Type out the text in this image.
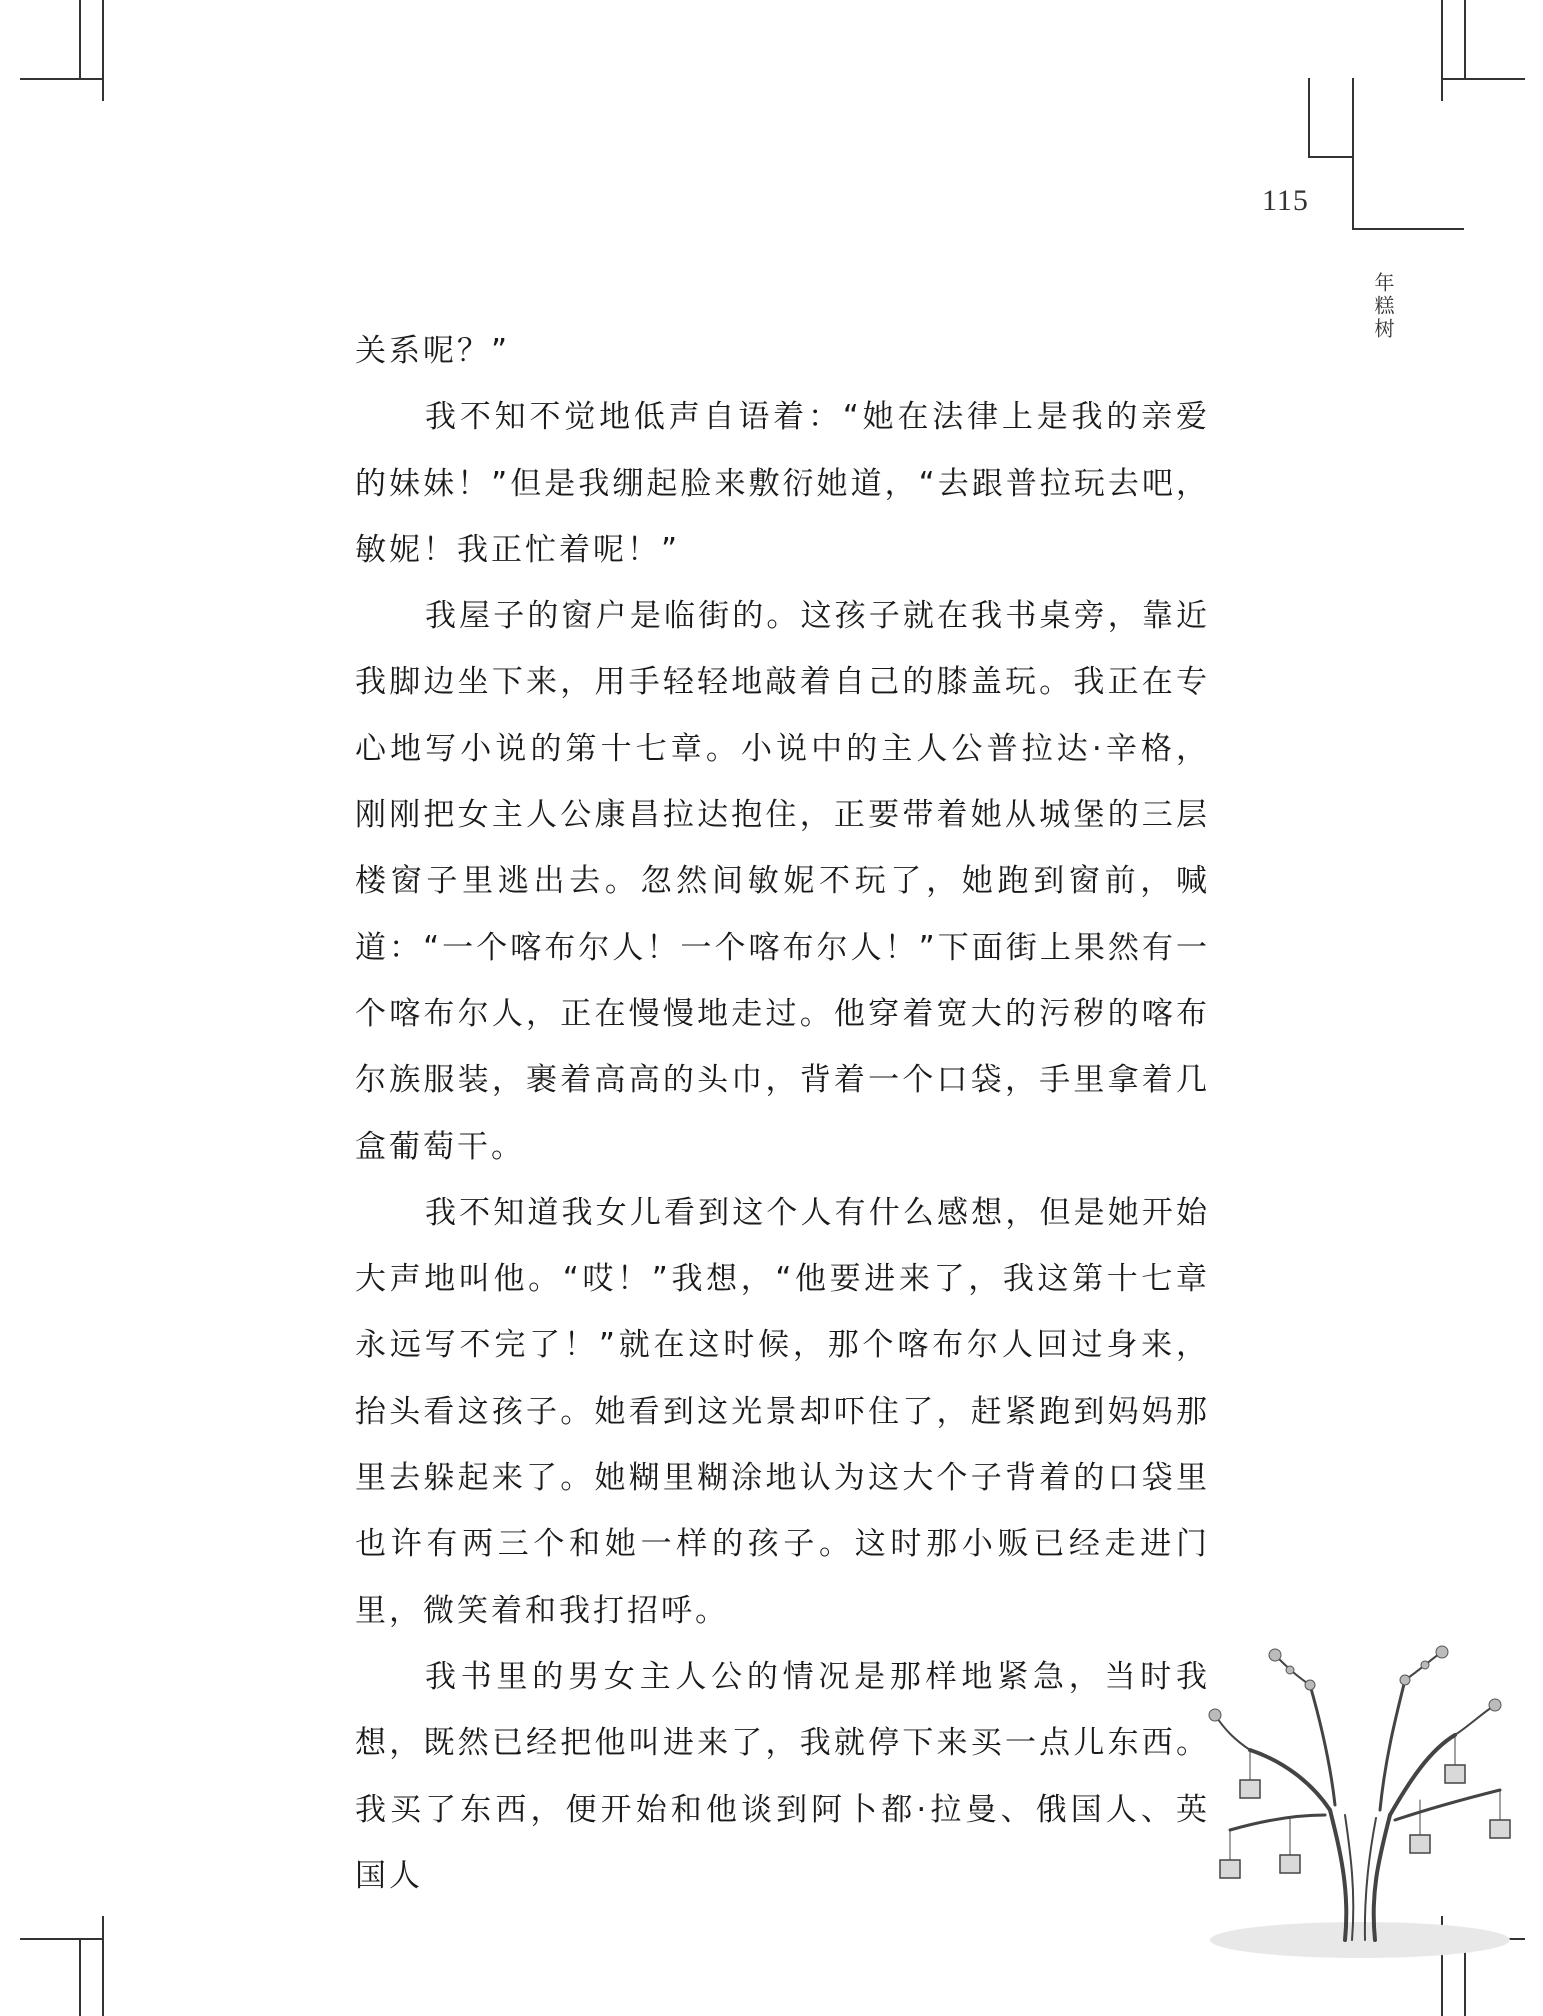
115
年糕树

关系呢？”

我不知不觉地低声自语着：“她在法律上是我的亲爱的妹妹！”但是我绷起脸来敷衍她道，“去跟普拉玩去吧，敏妮！我正忙着呢！”

我屋子的窗户是临街的。这孩子就在我书桌旁，靠近我脚边坐下来，用手轻轻地敲着自己的膝盖玩。我正在专心地写小说的第十七章。小说中的主人公普拉达·辛格，刚刚把女主人公康昌拉达抱住，正要带着她从城堡的三层楼窗子里逃出去。忽然间敏妮不玩了，她跑到窗前，喊道：“一个喀布尔人！一个喀布尔人！”下面街上果然有一个喀布尔人，正在慢慢地走过。他穿着宽大的污秽的喀布尔族服装，裹着高高的头巾，背着一个口袋，手里拿着几盒葡萄干。

我不知道我女儿看到这个人有什么感想，但是她开始大声地叫他。“哎！”我想，“他要进来了，我这第十七章永远写不完了！”就在这时候，那个喀布尔人回过身来，抬头看这孩子。她看到这光景却吓住了，赶紧跑到妈妈那里去躲起来了。她糊里糊涂地认为这大个子背着的口袋里也许有两三个和她一样的孩子。这时那小贩已经走进门里，微笑着和我打招呼。

我书里的男女主人公的情况是那样地紧急，当时我想，既然已经把他叫进来了，我就停下来买一点儿东西。我买了东西，便开始和他谈到阿卜都·拉曼、俄国人、英国人
